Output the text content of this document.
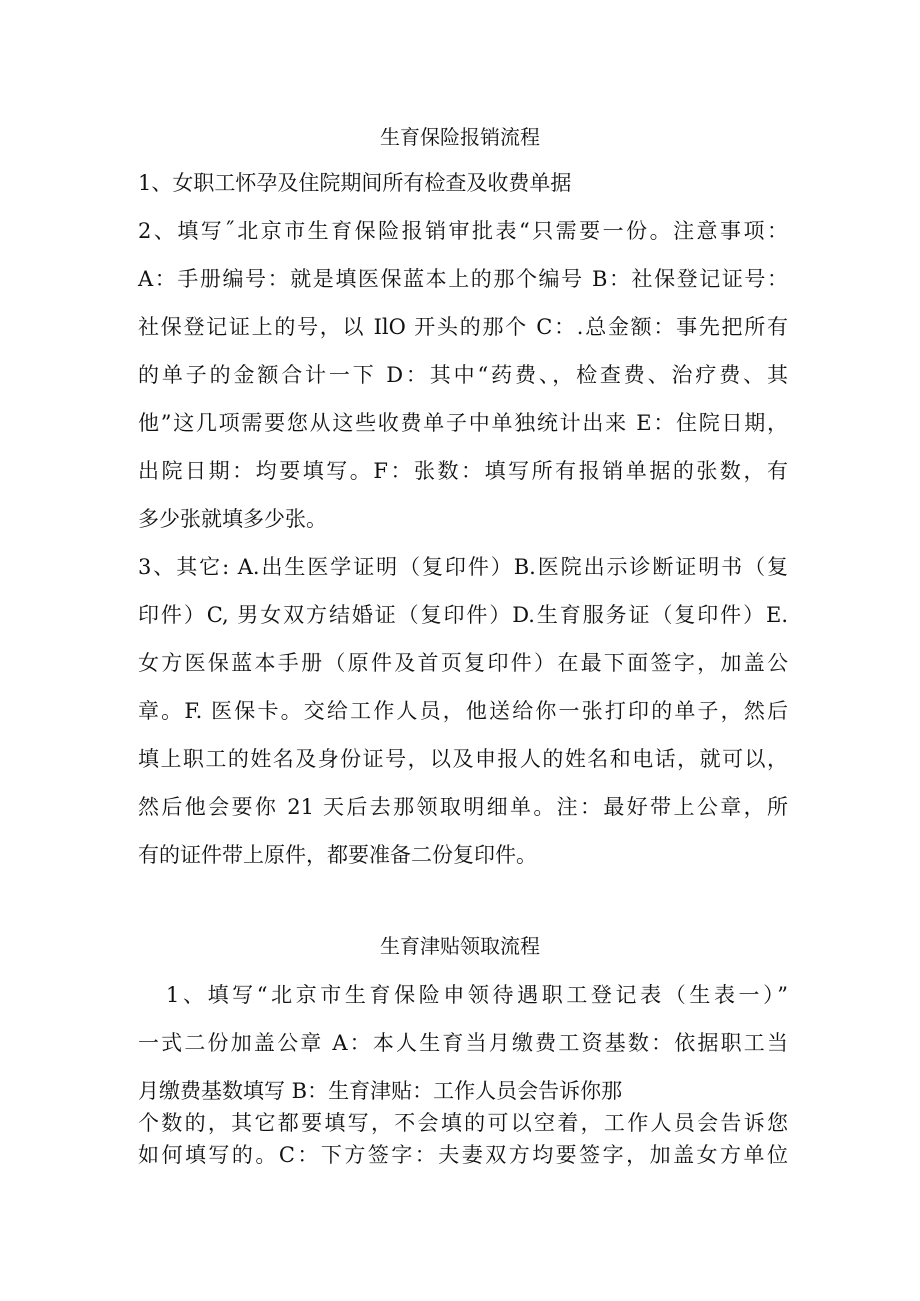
生育保险报销流程
1、女职工怀孕及住院期间所有检查及收费单据
2、填写˝北京市生育保险报销审批表“只需要一份。注意事项：
A：手册编号：就是填医保蓝本上的那个编号 B：社保登记证号：
社保登记证上的号，以 IlO 开头的那个 C：.总金额：事先把所有
的单子的金额合计一下 D：其中“药费、，检查费、治疗费、其
他”这几项需要您从这些收费单子中单独统计出来 E：住院日期，
出院日期：均要填写。F：张数：填写所有报销单据的张数，有
多少张就填多少张。
3、其它: A.出生医学证明（复印件）B.医院出示诊断证明书（复
印件）C, 男女双方结婚证（复印件）D.生育服务证（复印件）E.
女方医保蓝本手册（原件及首页复印件）在最下面签字，加盖公
章。F. 医保卡。交给工作人员，他送给你一张打印的单子，然后
填上职工的姓名及身份证号，以及申报人的姓名和电话，就可以，
然后他会要你 21 天后去那领取明细单。注：最好带上公章，所
有的证件带上原件，都要准备二份复印件。
生育津贴领取流程
1、填写“北京市生育保险申领待遇职工登记表（生表一）”
一式二份加盖公章 A：本人生育当月缴费工资基数：依据职工当
月缴费基数填写 B：生育津贴：工作人员会告诉你那
个数的，其它都要填写，不会填的可以空着，工作人员会告诉您
如何填写的。C：下方签字：夫妻双方均要签字，加盖女方单位
